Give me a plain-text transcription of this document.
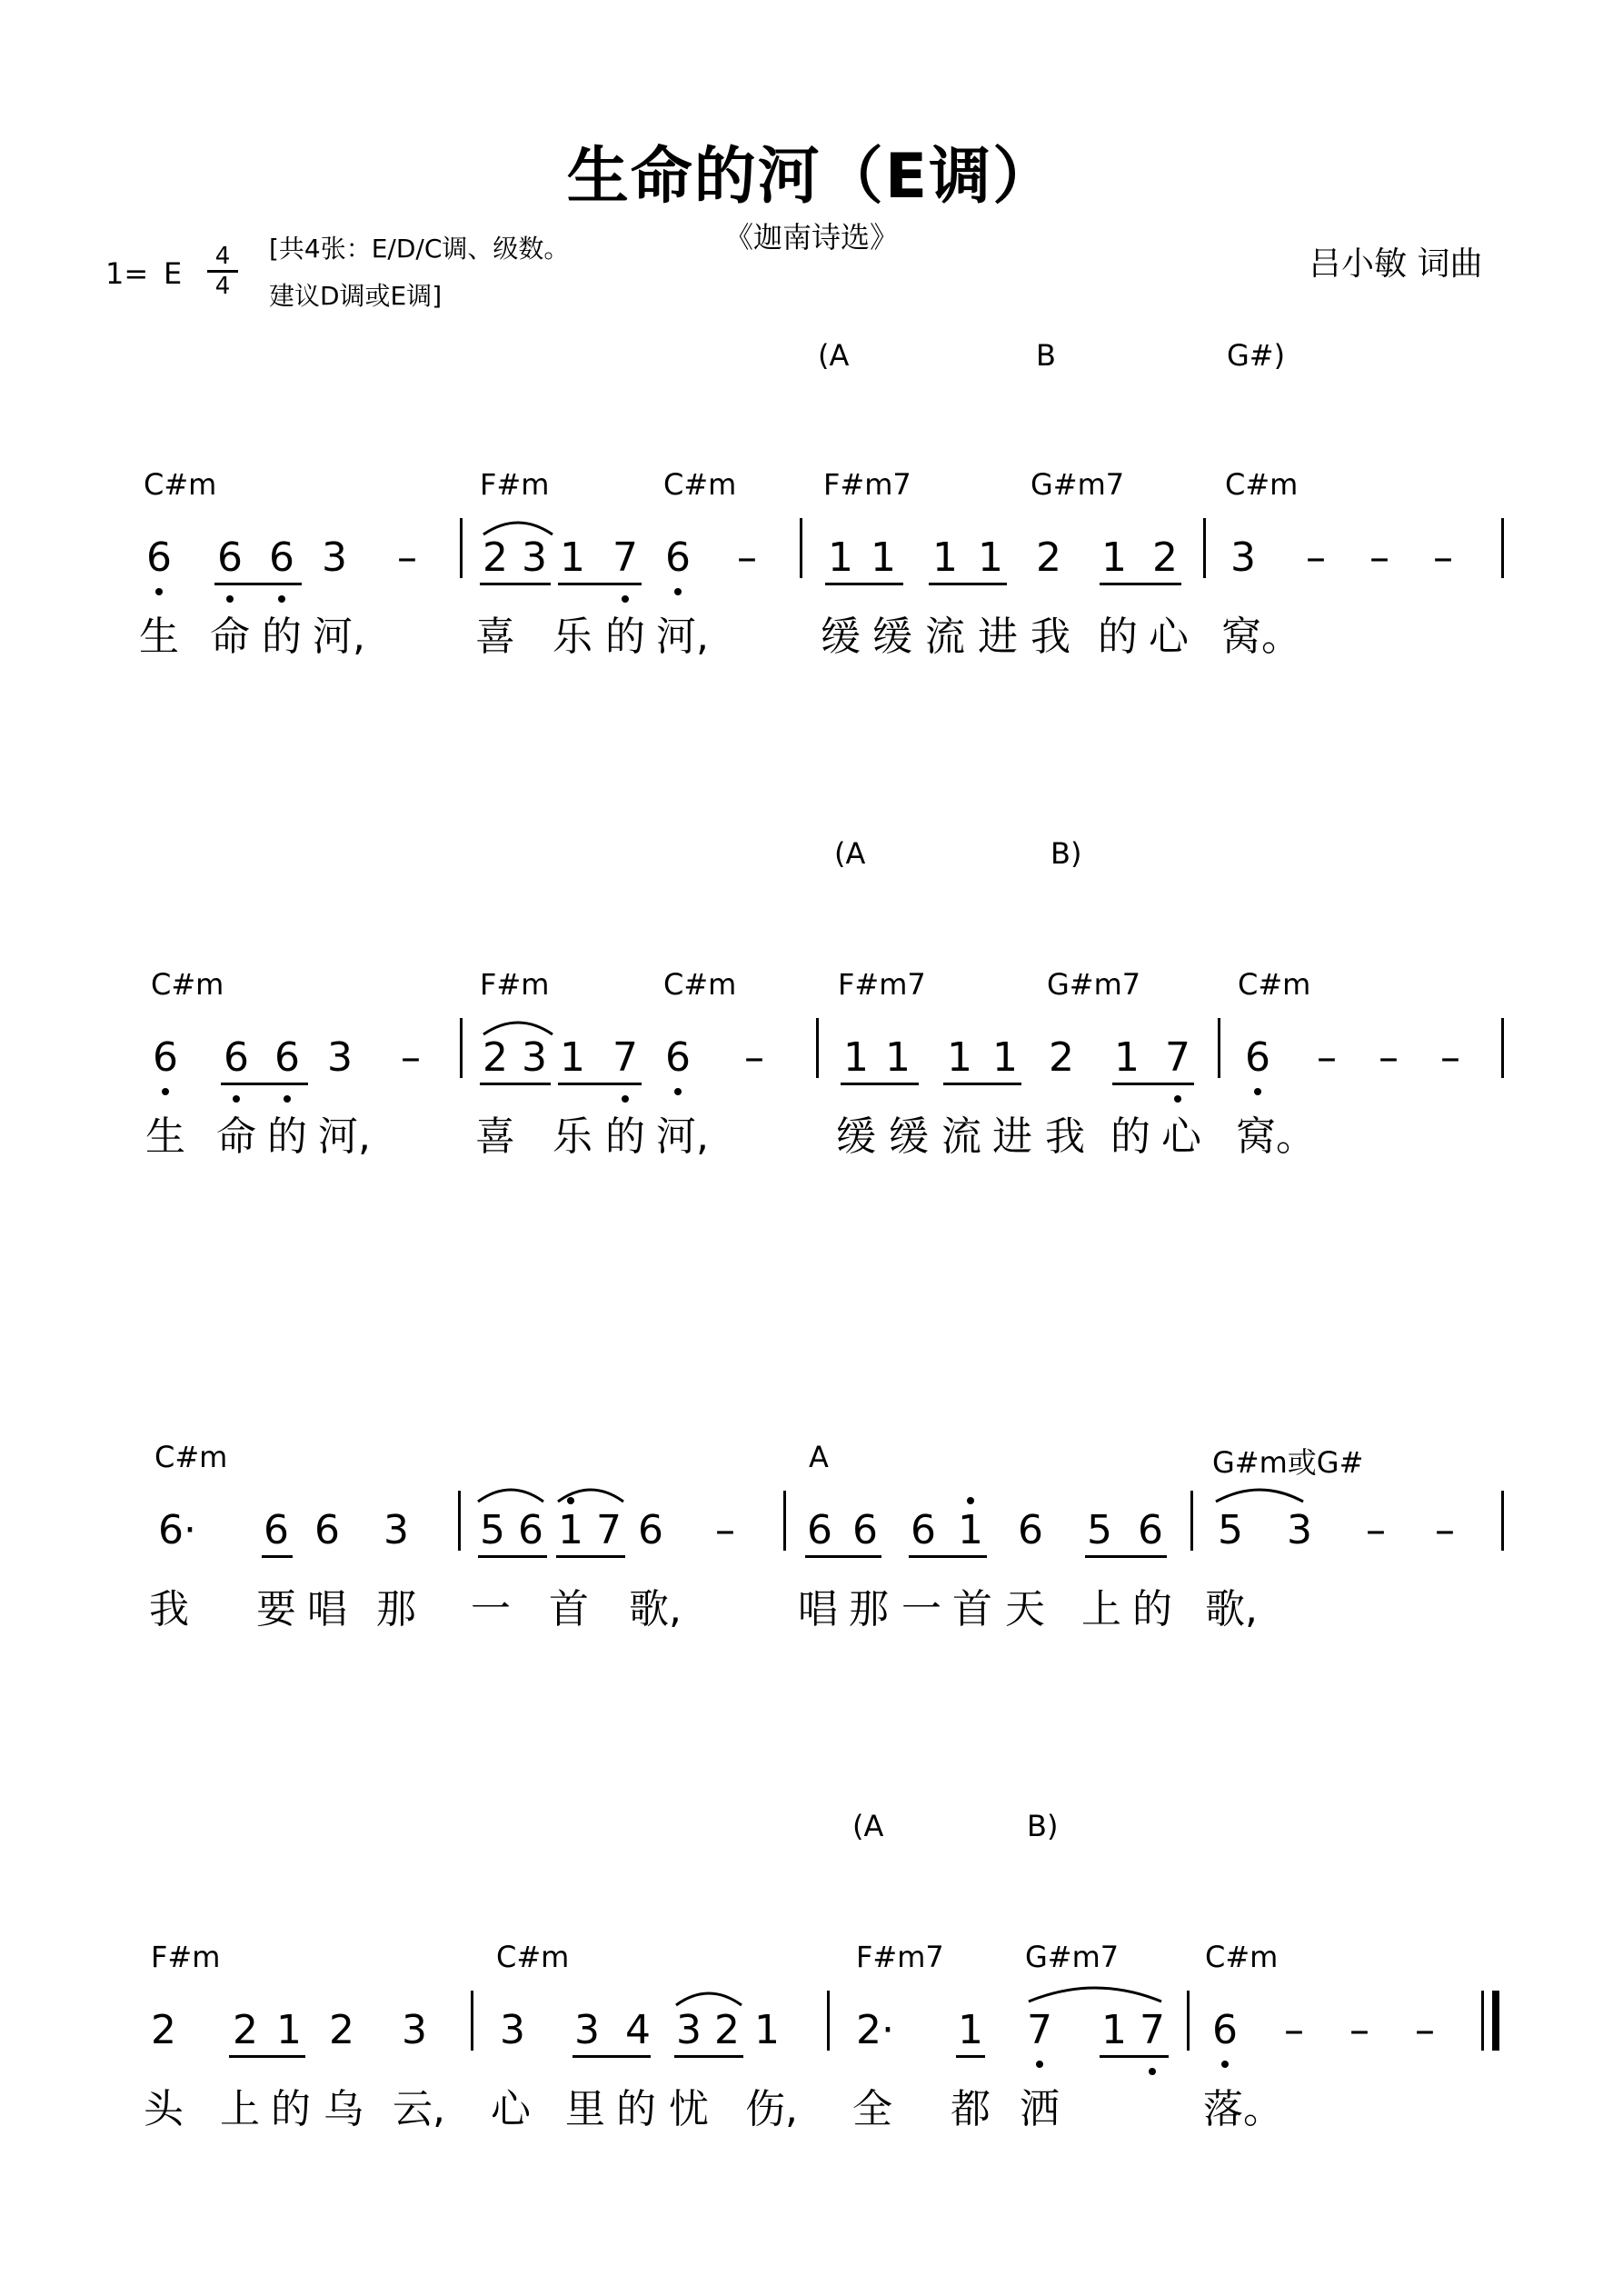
生命的河（E调）
《迦南诗选》
1= E	4
4
[共4张：E/D/C调、级数。
建议D调或E调]
吕小敏 词曲
(A	B	G#)
C#m	F#m	C#m	F#m7	G#m7	C#m
6 6 6 3 – 2 3 1 7 6 – 1 1 1 1 2 1 2 3 – – –
生 命 的 河,	喜 乐 的 河,	缓 缓 流 进 我 的 心 窝。
(A	B)
C#m	F#m	C#m	F#m7	G#m7	C#m
6 6 6 3 – 2 3 1 7 6 – 1 1 1 1 2 1 7 6 – – –
生 命 的 河,	喜 乐 的 河,	缓 缓 流 进 我 的 心 窝。
C#m	A	G#m或G#
6·	6 6 3 5 6 1 7 6 – 6 6 6 1 6 5 6 5 3 – –
我 要 唱 那 一 首 歌,	唱 那 一 首 天 上 的 歌,
(A	B)
F#m	C#m	F#m7	G#m7	C#m
2 2 1 2 3 3 3 4 3 2 1 2·	1 7 1 7 6 – – –
头 上 的 乌 云, 心 里 的 忧 伤, 全 都 洒	落。
